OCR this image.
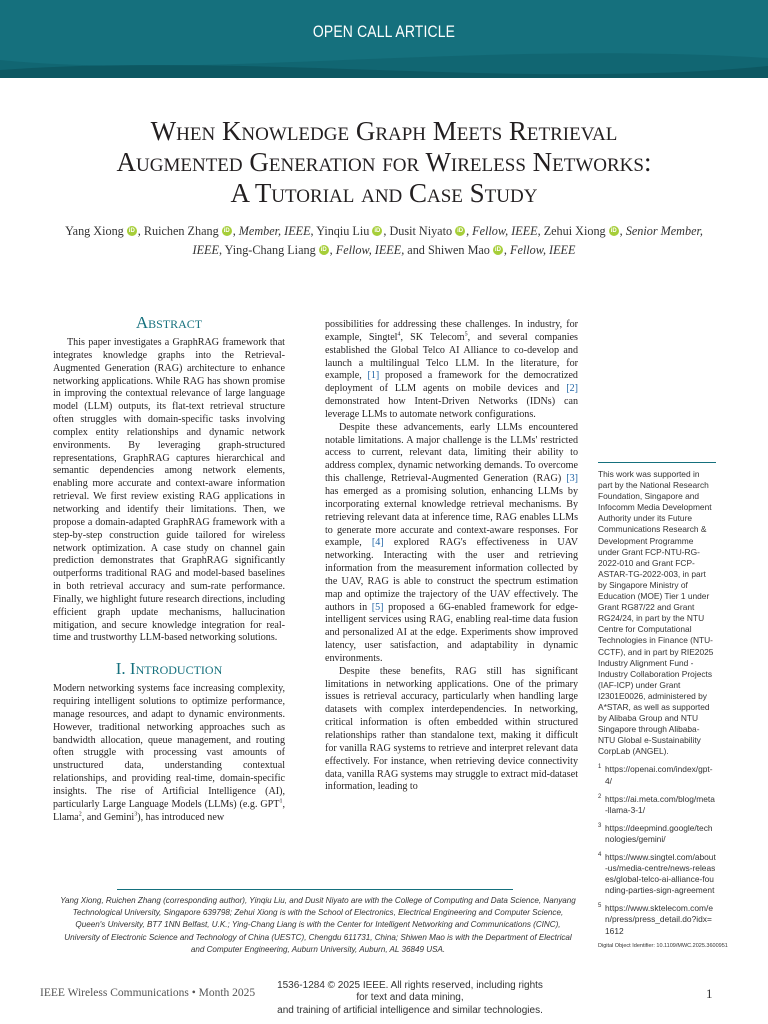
OPEN CALL ARTICLE
When Knowledge Graph Meets Retrieval
Augmented Generation for Wireless Networks:
A Tutorial and Case Study
Yang Xiong iD , Ruichen Zhang iD , Member, IEEE, Yinqiu Liu iD , Dusit Niyato iD , Fellow, IEEE, Zehui Xiong iD , Senior Member, IEEE, Ying-Chang Liang iD , Fellow, IEEE, and Shiwen Mao iD , Fellow, IEEE
Abstract

This paper investigates a GraphRAG framework that integrates knowledge graphs into the Retrieval-Augmented Generation (RAG) architecture to enhance networking applications. While RAG has shown promise in improving the contextual relevance of large language model (LLM) outputs, its flat-text retrieval structure often struggles with domain-specific tasks involving complex entity relationships and dynamic network environments. By leveraging graph-structured representations, GraphRAG captures hierarchical and semantic dependencies among network elements, enabling more accurate and context-aware information retrieval. We first review existing RAG applications in networking and identify their limitations. Then, we propose a domain-adapted GraphRAG framework with a step-by-step construction guide tailored for wireless network optimization. A case study on channel gain prediction demonstrates that GraphRAG significantly outperforms traditional RAG and model-based baselines in both retrieval accuracy and sum-rate performance. Finally, we highlight future research directions, including efficient graph update mechanisms, hallucination mitigation, and secure knowledge integration for real-time and trustworthy LLM-based networking solutions.

I. Introduction

Modern networking systems face increasing complexity, requiring intelligent solutions to optimize performance, manage resources, and adapt to dynamic environments. However, traditional networking approaches such as bandwidth allocation, queue management, and routing often struggle with processing vast amounts of unstructured data, understanding contextual relationships, and providing real-time, domain-specific insights. The rise of Artificial Intelligence (AI), particularly Large Language Models (LLMs) (e.g. GPT$^1$, Llama$^2$, and Gemini$^3$), has introduced new

possibilities for addressing these challenges. In industry, for example, Singtel$^4$, SK Telecom$^5$, and several companies established the Global Telco AI Alliance to co-develop and launch a multilingual Telco LLM. In the literature, for example, [1] proposed a framework for the democratized deployment of LLM agents on mobile devices and [2] demonstrated how Intent-Driven Networks (IDNs) can leverage LLMs to automate network configurations.

Despite these advancements, early LLMs encountered notable limitations. A major challenge is the LLMs' restricted access to current, relevant data, limiting their ability to address complex, dynamic networking demands. To overcome this challenge, Retrieval-Augmented Generation (RAG) [3] has emerged as a promising solution, enhancing LLMs by incorporating external knowledge retrieval mechanisms. By retrieving relevant data at inference time, RAG enables LLMs to generate more accurate and context-aware responses. For example, [4] explored RAG's effectiveness in UAV networking. Interacting with the user and retrieving information from the measurement information collected by the UAV, RAG is able to construct the spectrum estimation map and optimize the trajectory of the UAV effectively. The authors in [5] proposed a 6G-enabled framework for edge-intelligent services using RAG, enabling real-time data fusion and personalized AI at the edge. Experiments show improved latency, user satisfaction, and adaptability in dynamic environments.

Despite these benefits, RAG still has significant limitations in networking applications. One of the primary issues is retrieval accuracy, particularly when handling large datasets with complex interdependencies. In networking, critical information is often embedded within structured relationships rather than standalone text, making it difficult for vanilla RAG systems to retrieve and interpret relevant data effectively. For instance, when retrieving device connectivity data, vanilla RAG systems may struggle to extract mid-dataset information, leading to

This work was supported in part by the National Research Foundation, Singapore and Infocomm Media Development Authority under its Future Communications Research & Development Programme under Grant FCP-NTU-RG-2022-010 and Grant FCP-ASTAR-TG-2022-003, in part by Singapore Ministry of Education (MOE) Tier 1 under Grant RG87/22 and Grant RG24/24, in part by the NTU Centre for Computational Technologies in Finance (NTU-CCTF), and in part by RIE2025 Industry Alignment Fund - Industry Collaboration Projects (IAF-ICP) under Grant I2301E0026, administered by A*STAR, as well as supported by Alibaba Group and NTU Singapore through Alibaba-NTU Global e-Sustainability CorpLab (ANGEL).
1 https://openai.com/index/gpt-4/
2 https://ai.meta.com/blog/meta-llama-3-1/
3 https://deepmind.google/technologies/gemini/
4 https://www.singtel.com/about-us/media-centre/news-releases/global-telco-ai-alliance-founding-parties-sign-agreement
5 https://www.sktelecom.com/en/press/press_detail.do?idx=1612
Yang Xiong, Ruichen Zhang (corresponding author), Yinqiu Liu, and Dusit Niyato are with the College of Computing and Data Science, Nanyang Technological University, Singapore 639798; Zehui Xiong is with the School of Electronics, Electrical Engineering and Computer Science, Queen's University, BT7 1NN Belfast, U.K.; Ying-Chang Liang is with the Center for Intelligent Networking and Communications (CINC), University of Electronic Science and Technology of China (UESTC), Chengdu 611731, China; Shiwen Mao is with the Department of Electrical and Computer Engineering, Auburn University, Auburn, AL 36849 USA.	Digital Object Identifier: 10.1109/MWC.2025.3600951
IEEE Wireless Communications • Month 2025
1536-1284 © 2025 IEEE. All rights reserved, including rights for text and data mining,
and training of artificial intelligence and similar technologies.
1
